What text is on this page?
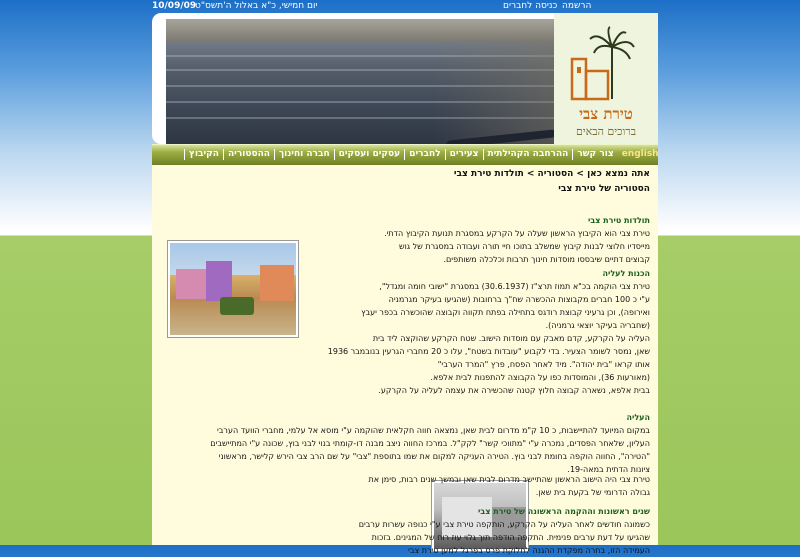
10/09/09
יום חמישי, כ"א באלול ה'תשס"ט	כניסה לחברים הרשמה
טירת צבי
ברוכים הבאים
הקיבוץ	ההסטוריה	חברה וחינוך	עסקים ועסקים	לחברים	צעירים	ההרחבה הקהילתית	צור קשר english
אתה נמצא כאן > הסטוריה > תולדות טירת צבי
הסטוריה של טירת צבי

תולדות טירת צבי

טירת צבי הוא הקיבוץ הראשון שעלה על הקרקע במסגרת תנועת הקיבוץ הדתי.

מייסדיו חלוצי לבנות קיבוץ שמשלב בתוכו חיי תורה ועבודה במסגרת של גוש

קבוצים דתיים שיבססו מוסדות חינוך תרבות וכלכלה משותפים.

הכנות לעליה

טירת צבי הוקמה בכ"א תמוז תרצ"ז (30.6.1937) במסגרת "ישובי חומה ומגדל",

ע"י כ 100 חברים מקבוצות ההכשרה שח"ך ברחובות (שהגיעו בעיקר מגרמניה

ואירופה), וכן גרעיני קבוצת רודגס בתחילה בפתח תקווה וקבוצה שהוכשרה בכפר יעבץ

(שחבריה בעיקר יוצאי גרמניה).

העליה על הקרקע, קדם מאבק עם מוסדות הישוב. שטח הקרקע שהוקצה ליד בית

שאן, נמסר לשומר הצעיר. בדי לקבוע "עובדות בשטח", עלו כ 20 מחברי הגרעין בנובמבר 1936

אותו קראו "בית יהודה". מיד לאחר הפסח, פרץ "המרד הערבי"

(מאורעות 36), והמוסדות כפו על הקבוצה להתפנות לבית אלפא.

בבית אלפא, נשארה קבוצה חלוץ קטנה שהכשירה את עצמה לעליה על הקרקע.

העליה

במקום המיועד להתיישבות, כ 10 ק"מ מדרום לבית שאן, נמצאה חווה חקלאית שהוקמה ע"י מוסא אל עלמי, מחברי הוועד הערבי

העליון, שלאחר הפסדים, נמכרה ע"י "מתווכי קשר" לקק"ל. במרכז החווה ניצב מבנה דו-קומתי בנוי לבני בוץ, שכונה ע"י המתיישבים

"הטירה", החווה הוקפה בחומת לבני בוץ. הטירה העניקה למקום את שמו בתוספת "צבי" על שם הרב צבי הירש קלישר, מראשוני

ציונות הדתית במאה-19.

טירת צבי היה הישוב הראשון שהתיישב מדרום לבית שאן ובמשך שנים רבות, סימן את

גבולה הדרומי של בקעת בית שאן.

שנים ראשונות וההקמה הראשונה של טירת צבי

כשמונה חודשים לאחר העליה על הקרקע, הותקפה טירת צבי ע"י כנופה עשרות ערבים

שהגיעו על דעת ערבים פנימית. התקפה הודפה תוך גלוי עוז רוח של המגינים. בזכות

העמידה הזו, בחרה מפקדת ההגנה לחלוקת פרס בפרגל למען טירת צבי
